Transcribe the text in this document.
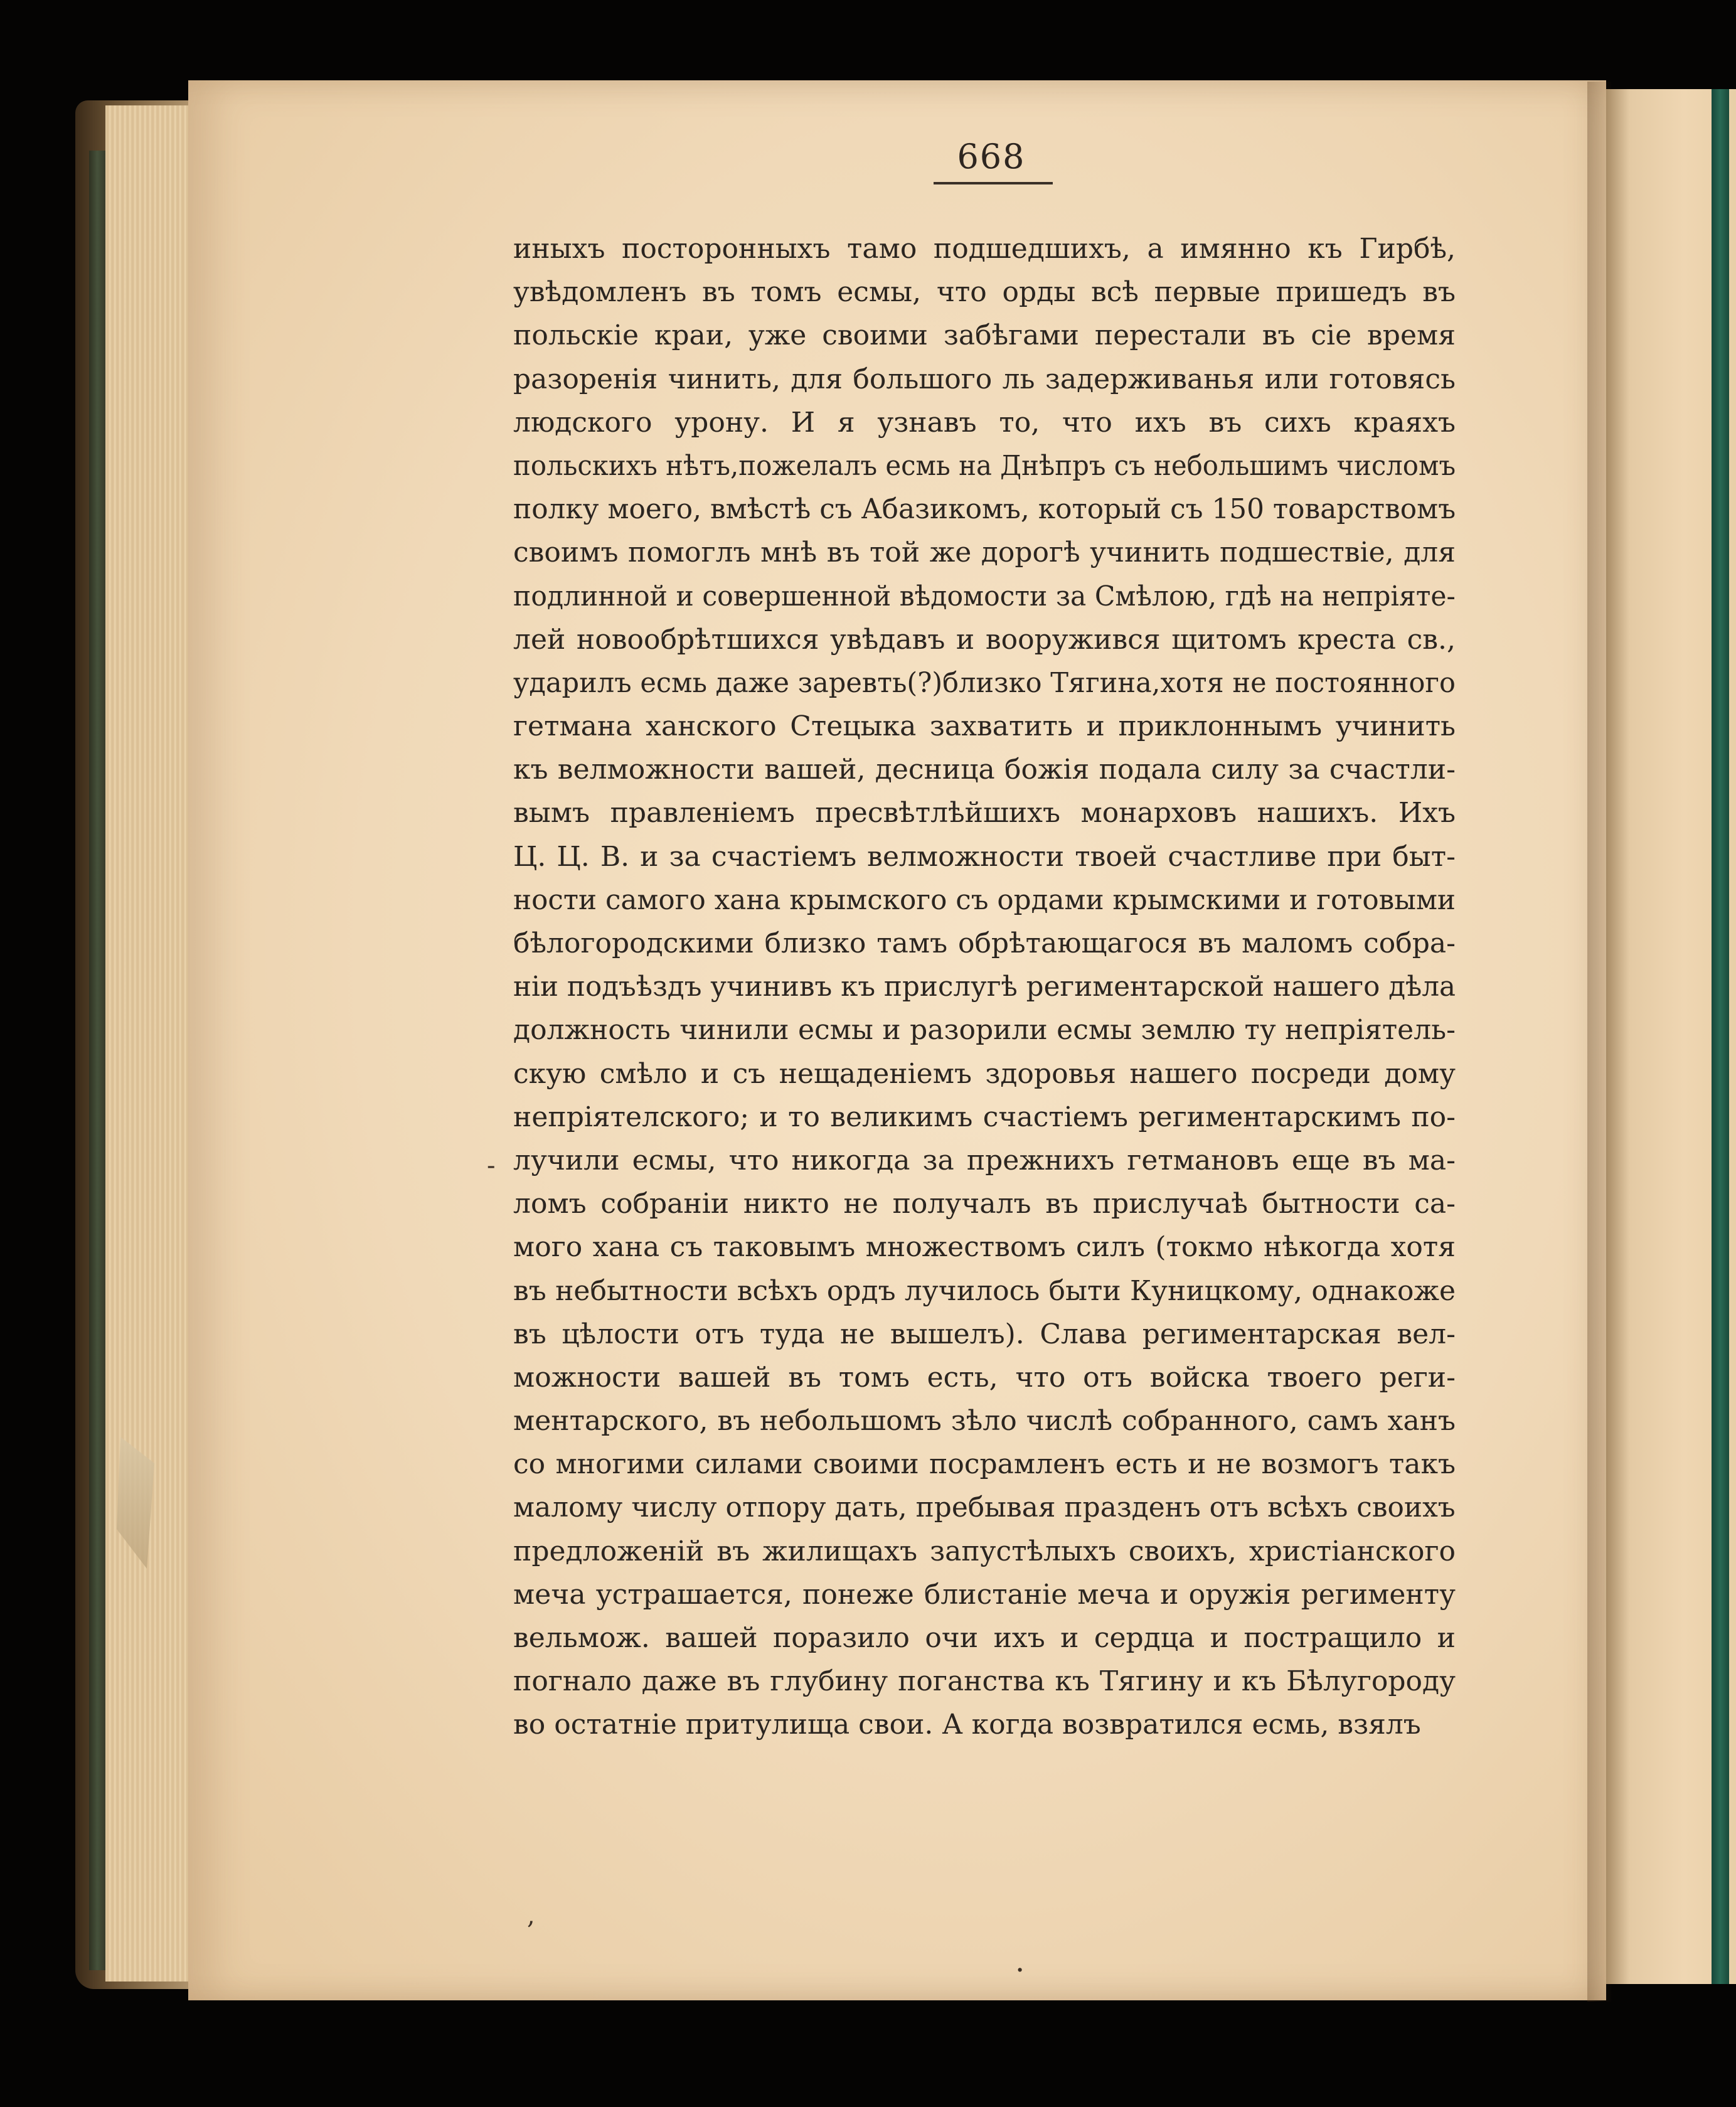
668
иныхъ посторонныхъ тамо подшедшихъ, а имянно къ Гирбѣ,
увѣдомленъ въ томъ есмы, что орды всѣ первые пришедъ въ
польскіе краи, уже своими забѣгами перестали въ сіе время
разоренія чинить, для большого ль задерживанья или готовясь
людского урону. И я узнавъ то, что ихъ въ сихъ краяхъ
польскихъ нѣтъ,пожелалъ есмь на Днѣпръ съ небольшимъ числомъ
полку моего, вмѣстѣ съ Абазикомъ, который съ 150 товарствомъ
своимъ помоглъ мнѣ въ той же дорогѣ учинить подшествіе, для
подлинной и совершенной вѣдомости за Смѣлою, гдѣ на непріяте-
лей новообрѣтшихся увѣдавъ и вооружився щитомъ креста св.,
ударилъ есмь даже заревть(?)близко Тягина,хотя не постоянного
гетмана ханского Стецыка захватить и приклоннымъ учинить
къ велможности вашей, десница божія подала силу за счастли-
вымъ правленіемъ пресвѣтлѣйшихъ монарховъ нашихъ. Ихъ
Ц. Ц. В. и за счастіемъ велможности твоей счастливе при быт-
ности самого хана крымского съ ордами крымскими и готовыми
бѣлогородскими близко тамъ обрѣтающагося въ маломъ собра-
ніи подъѣздъ учинивъ къ прислугѣ региментарской нашего дѣла
должность чинили есмы и разорили есмы землю ту непріятель-
скую смѣло и съ нещаденіемъ здоровья нашего посреди дому
непріятелского; и то великимъ счастіемъ региментарскимъ по-
лучили есмы, что никогда за прежнихъ гетмановъ еще въ ма-
ломъ собраніи никто не получалъ въ прислучаѣ бытности са-
мого хана съ таковымъ множествомъ силъ (токмо нѣкогда хотя
въ небытности всѣхъ ордъ лучилось быти Куницкому, однакоже
въ цѣлости отъ туда не вышелъ). Слава региментарская вел-
можности вашей въ томъ есть, что отъ войска твоего реги-
ментарского, въ небольшомъ зѣло числѣ собранного, самъ ханъ
со многими силами своими посрамленъ есть и не возмогъ такъ
малому числу отпору дать, пребывая празденъ отъ всѣхъ своихъ
предложеній въ жилищахъ запустѣлыхъ своихъ, христіанского
меча устрашается, понеже блистаніе меча и оружія регименту
вельмож. вашей поразило очи ихъ и сердца и постращило и
погнало даже въ глубину поганства къ Тягину и къ Бѣлугороду
во остатніе притулища свои. А когда возвратился есмь, взялъ
-
,
.
